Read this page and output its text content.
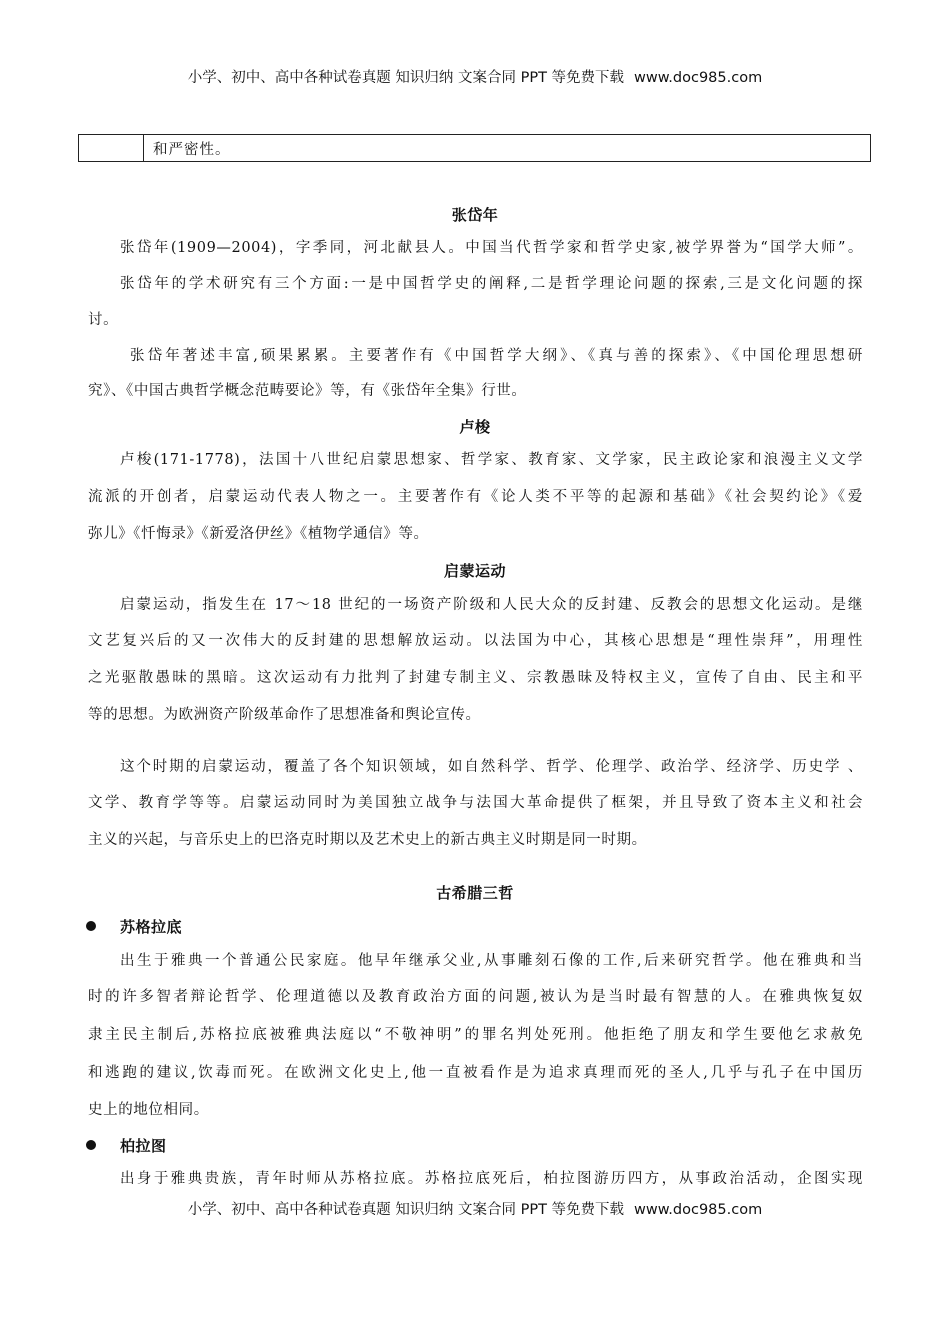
小学、初中、高中各种试卷真题 知识归纳 文案合同 PPT 等免费下载 www.doc985.com
和严密性。
张岱年
张岱年(1909—2004)，字季同，河北献县人。中国当代哲学家和哲学史家,被学界誉为“国学大师”。
张岱年的学术研究有三个方面:一是中国哲学史的阐释,二是哲学理论问题的探索,三是文化问题的探
讨。
张岱年著述丰富,硕果累累。主要著作有《中国哲学大纲》、《真与善的探索》、《中国伦理思想研
究》、《中国古典哲学概念范畴要论》等，有《张岱年全集》行世。
卢梭
卢梭(171-1778)，法国十八世纪启蒙思想家、哲学家、教育家、文学家，民主政论家和浪漫主义文学
流派的开创者，启蒙运动代表人物之一。主要著作有《论人类不平等的起源和基础》《社会契约论》《爱
弥儿》《忏悔录》《新爱洛伊丝》《植物学通信》等。
启蒙运动
启蒙运动，指发生在 17～18 世纪的一场资产阶级和人民大众的反封建、反教会的思想文化运动。是继
文艺复兴后的又一次伟大的反封建的思想解放运动。以法国为中心，其核心思想是“理性崇拜”，用理性
之光驱散愚昧的黑暗。这次运动有力批判了封建专制主义、宗教愚昧及特权主义，宣传了自由、民主和平
等的思想。为欧洲资产阶级革命作了思想准备和舆论宣传。
这个时期的启蒙运动，覆盖了各个知识领域，如自然科学、哲学、伦理学、政治学、经济学、历史学 、
文学、教育学等等。启蒙运动同时为美国独立战争与法国大革命提供了框架，并且导致了资本主义和社会
主义的兴起，与音乐史上的巴洛克时期以及艺术史上的新古典主义时期是同一时期。
古希腊三哲
苏格拉底
出生于雅典一个普通公民家庭。他早年继承父业,从事雕刻石像的工作,后来研究哲学。他在雅典和当
时的许多智者辩论哲学、伦理道德以及教育政治方面的问题,被认为是当时最有智慧的人。在雅典恢复奴
隶主民主制后,苏格拉底被雅典法庭以“不敬神明”的罪名判处死刑。他拒绝了朋友和学生要他乞求赦免
和逃跑的建议,饮毒而死。在欧洲文化史上,他一直被看作是为追求真理而死的圣人,几乎与孔子在中国历
史上的地位相同。
柏拉图
出身于雅典贵族，青年时师从苏格拉底。苏格拉底死后，柏拉图游历四方，从事政治活动，企图实现
小学、初中、高中各种试卷真题 知识归纳 文案合同 PPT 等免费下载 www.doc985.com
